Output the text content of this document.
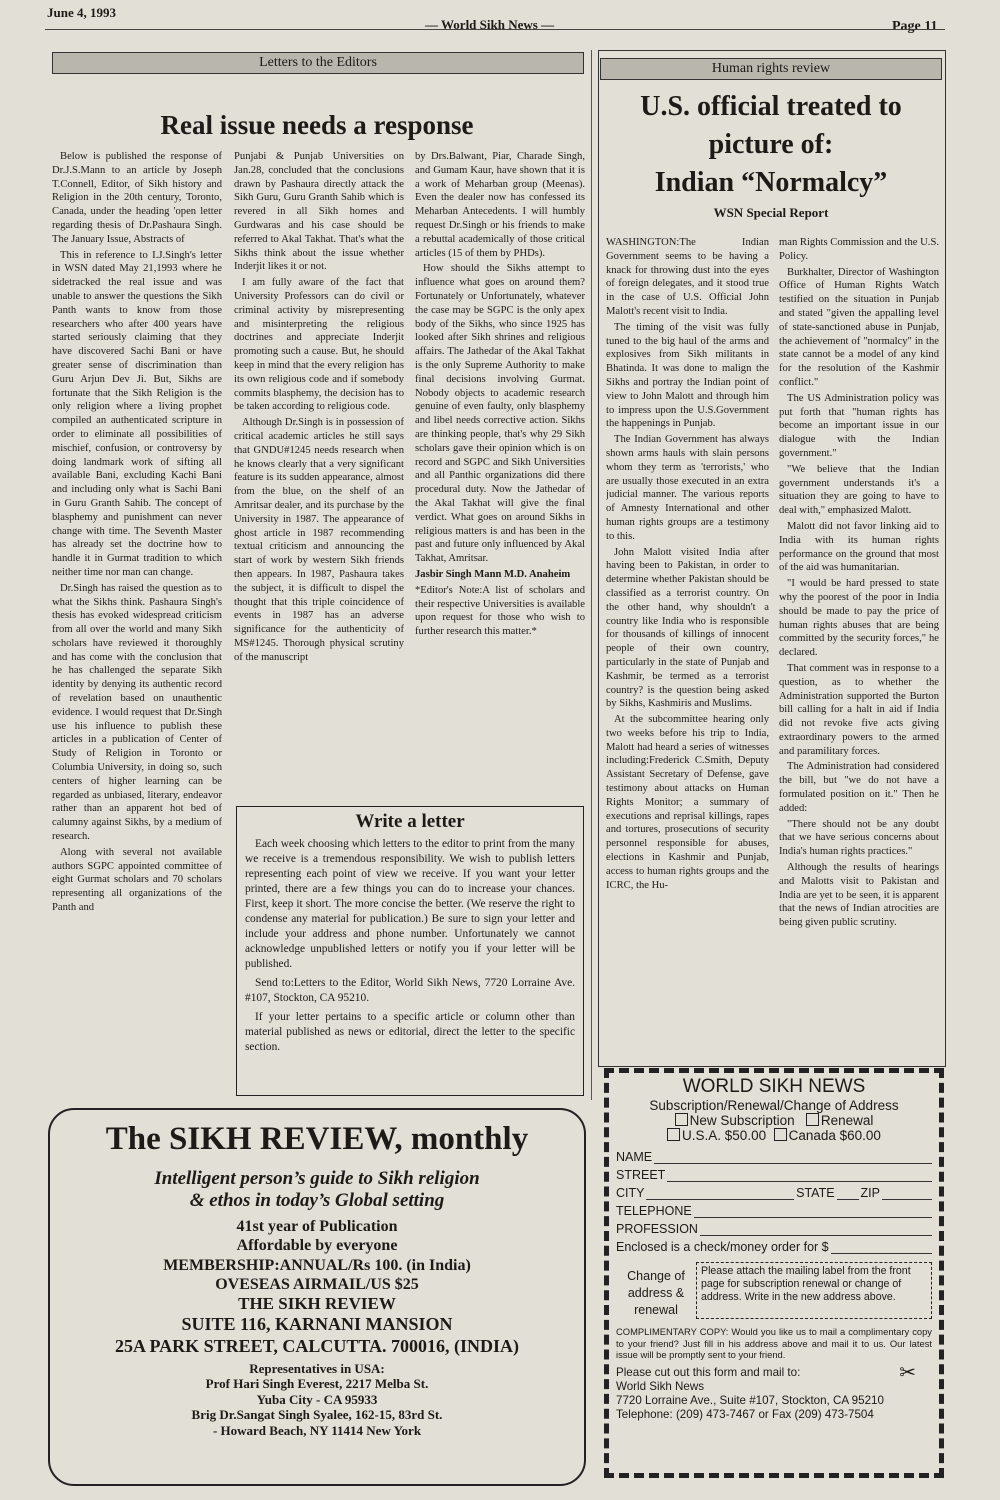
June 4, 1993
— World Sikh News —	Page 11
Letters to the Editors
Real issue needs a response

Below is published the response of Dr.J.S.Mann to an article by Joseph T.Connell, Editor, of Sikh history and Religion in the 20th century, Toronto, Canada, under the heading 'open letter regarding thesis of Dr.Pashaura Singh. The January Issue, Abstracts of

This in reference to I.J.Singh's letter in WSN dated May 21,1993 where he sidetracked the real issue and was unable to answer the questions the Sikh Panth wants to know from those researchers who after 400 years have started seriously claiming that they have discovered Sachi Bani or have greater sense of discrimination than Guru Arjun Dev Ji. But, Sikhs are fortunate that the Sikh Religion is the only religion where a living prophet compiled an authenticated scripture in order to eliminate all possibilities of mischief, confusion, or controversy by doing landmark work of sifting all available Bani, excluding Kachi Bani and including only what is Sachi Bani in Guru Granth Sahib. The concept of blasphemy and punishment can never change with time. The Seventh Master has already set the doctrine how to handle it in Gurmat tradition to which neither time nor man can change.

Dr.Singh has raised the question as to what the Sikhs think. Pashaura Singh's thesis has evoked widespread criticism from all over the world and many Sikh scholars have reviewed it thoroughly and has come with the conclusion that he has challenged the separate Sikh identity by denying its authentic record of revelation based on unauthentic evidence. I would request that Dr.Singh use his influence to publish these articles in a publication of Center of Study of Religion in Toronto or Columbia University, in doing so, such centers of higher learning can be regarded as unbiased, literary, endeavor rather than an apparent hot bed of calumny against Sikhs, by a medium of research.

Along with several not available authors SGPC appointed committee of eight Gurmat scholars and 70 scholars representing all organizations of the Panth and

Punjabi & Punjab Universities on Jan.28, concluded that the conclusions drawn by Pashaura directly attack the Sikh Guru, Guru Granth Sahib which is revered in all Sikh homes and Gurdwaras and his case should be referred to Akal Takhat. That's what the Sikhs think about the issue whether Inderjit likes it or not.

I am fully aware of the fact that University Professors can do civil or criminal activity by misrepresenting and misinterpreting the religious doctrines and appreciate Inderjit promoting such a cause. But, he should keep in mind that the every religion has its own religious code and if somebody commits blasphemy, the decision has to be taken according to religious code.

Although Dr.Singh is in possession of critical academic articles he still says that GNDU#1245 needs research when he knows clearly that a very significant feature is its sudden appearance, almost from the blue, on the shelf of an Amritsar dealer, and its purchase by the University in 1987. The appearance of ghost article in 1987 recommending textual criticism and announcing the start of work by western Sikh friends then appears. In 1987, Pashaura takes the subject, it is difficult to dispel the thought that this triple coincidence of events in 1987 has an adverse significance for the authenticity of MS#1245. Thorough physical scrutiny of the manuscript

by Drs.Balwant, Piar, Charade Singh, and Gumam Kaur, have shown that it is a work of Meharban group (Meenas). Even the dealer now has confessed its Meharban Antecedents. I will humbly request Dr.Singh or his friends to make a rebuttal academically of those critical articles (15 of them by PHDs).

How should the Sikhs attempt to influence what goes on around them? Fortunately or Unfortunately, whatever the case may be SGPC is the only apex body of the Sikhs, who since 1925 has looked after Sikh shrines and religious affairs. The Jathedar of the Akal Takhat is the only Supreme Authority to make final decisions involving Gurmat. Nobody objects to academic research genuine of even faulty, only blasphemy and libel needs corrective action. Sikhs are thinking people, that's why 29 Sikh scholars gave their opinion which is on record and SGPC and Sikh Universities and all Panthic organizations did there procedural duty. Now the Jathedar of the Akal Takhat will give the final verdict. What goes on around Sikhs in religious matters is and has been in the past and future only influenced by Akal Takhat, Amritsar.

Jasbir Singh Mann M.D. Anaheim

*Editor's Note:A list of scholars and their respective Universities is available upon request for those who wish to further research this matter.*

Write a letter

Each week choosing which letters to the editor to print from the many we receive is a tremendous responsibility. We wish to publish letters representing each point of view we receive. If you want your letter printed, there are a few things you can do to increase your chances. First, keep it short. The more concise the better. (We reserve the right to condense any material for publication.) Be sure to sign your letter and include your address and phone number. Unfortunately we cannot acknowledge unpublished letters or notify you if your letter will be published.

Send to:Letters to the Editor, World Sikh News, 7720 Lorraine Ave. #107, Stockton, CA 95210.

If your letter pertains to a specific article or column other than material published as news or editorial, direct the letter to the specific section.

Human rights review
U.S. official treated to
picture of:
Indian “Normalcy”
WSN Special Report

WASHINGTON:The Indian Government seems to be having a knack for throwing dust into the eyes of foreign delegates, and it stood true in the case of U.S. Official John Malott's recent visit to India.

The timing of the visit was fully tuned to the big haul of the arms and explosives from Sikh militants in Bhatinda. It was done to malign the Sikhs and portray the Indian point of view to John Malott and through him to impress upon the U.S.Government the happenings in Punjab.

The Indian Government has always shown arms hauls with slain persons whom they term as 'terrorists,' who are usually those executed in an extra judicial manner. The various reports of Amnesty International and other human rights groups are a testimony to this.

John Malott visited India after having been to Pakistan, in order to determine whether Pakistan should be classified as a terrorist country. On the other hand, why shouldn't a country like India who is responsible for thousands of killings of innocent people of their own country, particularly in the state of Punjab and Kashmir, be termed as a terrorist country? is the question being asked by Sikhs, Kashmiris and Muslims.

At the subcommittee hearing only two weeks before his trip to India, Malott had heard a series of witnesses including:Frederick C.Smith, Deputy Assistant Secretary of Defense, gave testimony about attacks on Human Rights Monitor; a summary of executions and reprisal killings, rapes and tortures, prosecutions of security personnel responsible for abuses, elections in Kashmir and Punjab, access to human rights groups and the ICRC, the Hu-

man Rights Commission and the U.S. Policy.

Burkhalter, Director of Washington Office of Human Rights Watch testified on the situation in Punjab and stated "given the appalling level of state-sanctioned abuse in Punjab, the achievement of "normalcy" in the state cannot be a model of any kind for the resolution of the Kashmir conflict."

The US Administration policy was put forth that "human rights has become an important issue in our dialogue with the Indian government."

"We believe that the Indian government understands it's a situation they are going to have to deal with," emphasized Malott.

Malott did not favor linking aid to India with its human rights performance on the ground that most of the aid was humanitarian.

"I would be hard pressed to state why the poorest of the poor in India should be made to pay the price of human rights abuses that are being committed by the security forces," he declared.

That comment was in response to a question, as to whether the Administration supported the Burton bill calling for a halt in aid if India did not revoke five acts giving extraordinary powers to the armed and paramilitary forces.

The Administration had considered the bill, but "we do not have a formulated position on it." Then he added:

"There should not be any doubt that we have serious concerns about India's human rights practices."

Although the results of hearings and Malotts visit to Pakistan and India are yet to be seen, it is apparent that the news of Indian atrocities are being given public scrutiny.

The SIKH REVIEW, monthly
Intelligent person’s guide to Sikh religion
& ethos in today’s Global setting
41st year of Publication
Affordable by everyone
MEMBERSHIP:ANNUAL/Rs 100. (in India)
OVESEAS AIRMAIL/US $25
THE SIKH REVIEW
SUITE 116, KARNANI MANSION
25A PARK STREET, CALCUTTA. 700016, (INDIA)
Representatives in USA:
Prof Hari Singh Everest, 2217 Melba St.
Yuba City - CA 95933
Brig Dr.Sangat Singh Syalee, 162-15, 83rd St.
- Howard Beach, NY 11414 New York
WORLD SIKH NEWS
Subscription/Renewal/Change of Address
New Subscription Renewal
U.S.A. $50.00 Canada $60.00
NAME
STREET
CITY	STATE ZIP
TELEPHONE
PROFESSION
Enclosed is a check/money order for $
Change of address & renewal
Please attach the mailing label from the front page for subscription renewal or change of address. Write in the new address above.
COMPLIMENTARY COPY: Would you like us to mail a complimentary copy to your friend? Just fill in his address above and mail it to us. Our latest issue will be promptly sent to your friend.
Please cut out this form and mail to:
World Sikh News
7720 Lorraine Ave., Suite #107, Stockton, CA 95210
Telephone: (209) 473-7467 or Fax (209) 473-7504
✂
